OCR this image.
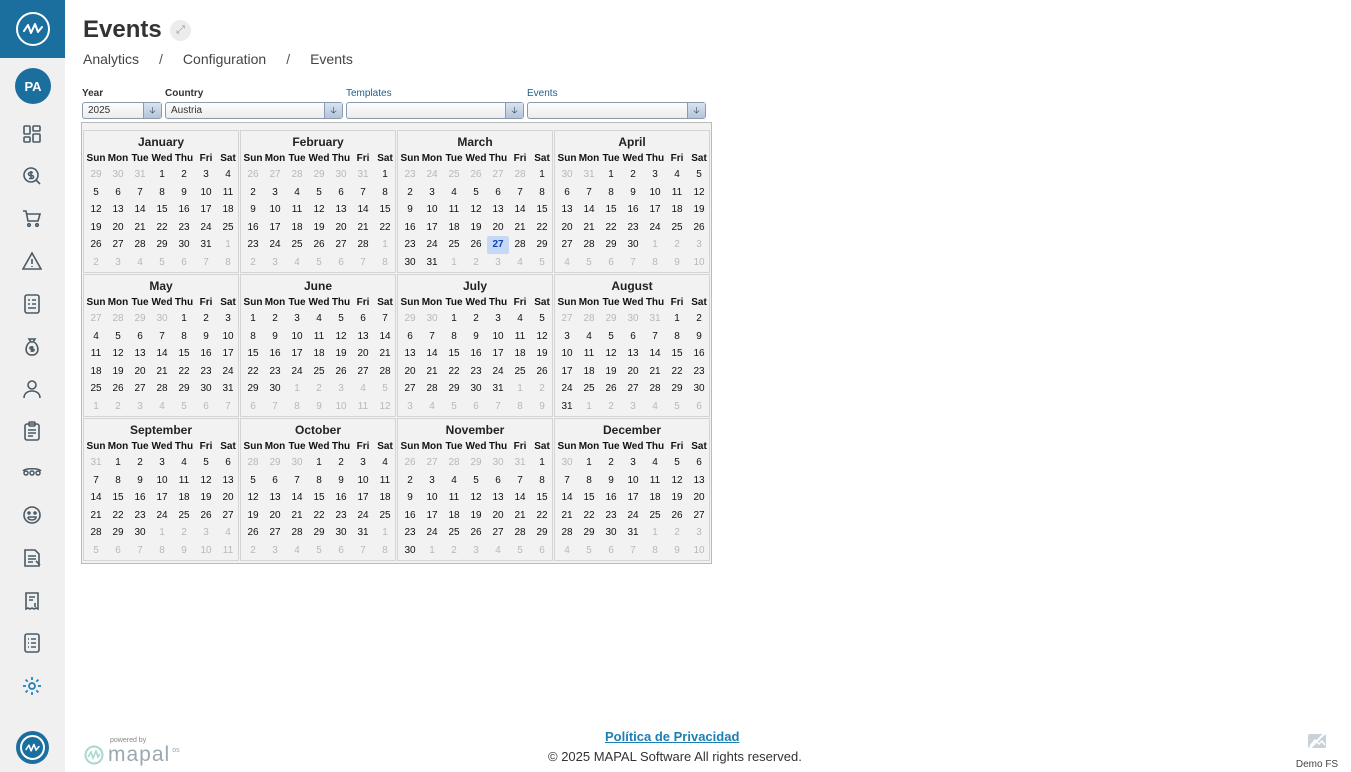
PA
Events	⤢
Analytics / Configuration / Events
Year
2025	🡣
Country
Austria	🡣
Templates
🡣
Events
🡣
January
Sun Mon Tue Wed Thu Fri Sat
29	30	31	1	2	3	4
5	6	7	8	9	10	11
12	13	14	15	16	17	18
19	20	21	22	23	24	25
26	27	28	29	30	31	1
2	3	4	5	6	7	8
February
Sun Mon Tue Wed Thu Fri Sat
26	27	28	29	30	31	1
2	3	4	5	6	7	8
9	10	11	12	13	14	15
16	17	18	19	20	21	22
23	24	25	26	27	28	1
2	3	4	5	6	7	8
March
Sun Mon Tue Wed Thu Fri Sat
23	24	25	26	27	28	1
2	3	4	5	6	7	8
9	10	11	12	13	14	15
16	17	18	19	20	21	22
23	24	25	26	27	28	29
30	31	1	2	3	4	5
April
Sun Mon Tue Wed Thu Fri Sat
30	31	1	2	3	4	5
6	7	8	9	10	11	12
13	14	15	16	17	18	19
20	21	22	23	24	25	26
27	28	29	30	1	2	3
4	5	6	7	8	9	10
May
Sun Mon Tue Wed Thu Fri Sat
27	28	29	30	1	2	3
4	5	6	7	8	9	10
11	12	13	14	15	16	17
18	19	20	21	22	23	24
25	26	27	28	29	30	31
1	2	3	4	5	6	7
June
Sun Mon Tue Wed Thu Fri Sat
1	2	3	4	5	6	7
8	9	10	11	12	13	14
15	16	17	18	19	20	21
22	23	24	25	26	27	28
29	30	1	2	3	4	5
6	7	8	9	10	11	12
July
Sun Mon Tue Wed Thu Fri Sat
29	30	1	2	3	4	5
6	7	8	9	10	11	12
13	14	15	16	17	18	19
20	21	22	23	24	25	26
27	28	29	30	31	1	2
3	4	5	6	7	8	9
August
Sun Mon Tue Wed Thu Fri Sat
27	28	29	30	31	1	2
3	4	5	6	7	8	9
10	11	12	13	14	15	16
17	18	19	20	21	22	23
24	25	26	27	28	29	30
31	1	2	3	4	5	6
September
Sun Mon Tue Wed Thu Fri Sat
31	1	2	3	4	5	6
7	8	9	10	11	12	13
14	15	16	17	18	19	20
21	22	23	24	25	26	27
28	29	30	1	2	3	4
5	6	7	8	9	10	11
October
Sun Mon Tue Wed Thu Fri Sat
28	29	30	1	2	3	4
5	6	7	8	9	10	11
12	13	14	15	16	17	18
19	20	21	22	23	24	25
26	27	28	29	30	31	1
2	3	4	5	6	7	8
November
Sun Mon Tue Wed Thu Fri Sat
26	27	28	29	30	31	1
2	3	4	5	6	7	8
9	10	11	12	13	14	15
16	17	18	19	20	21	22
23	24	25	26	27	28	29
30	1	2	3	4	5	6
December
Sun Mon Tue Wed Thu Fri Sat
30	1	2	3	4	5	6
7	8	9	10	11	12	13
14	15	16	17	18	19	20
21	22	23	24	25	26	27
28	29	30	31	1	2	3
4	5	6	7	8	9	10
powered by
mapal os
Política de Privacidad
© 2025 MAPAL Software All rights reserved.
Demo FS
